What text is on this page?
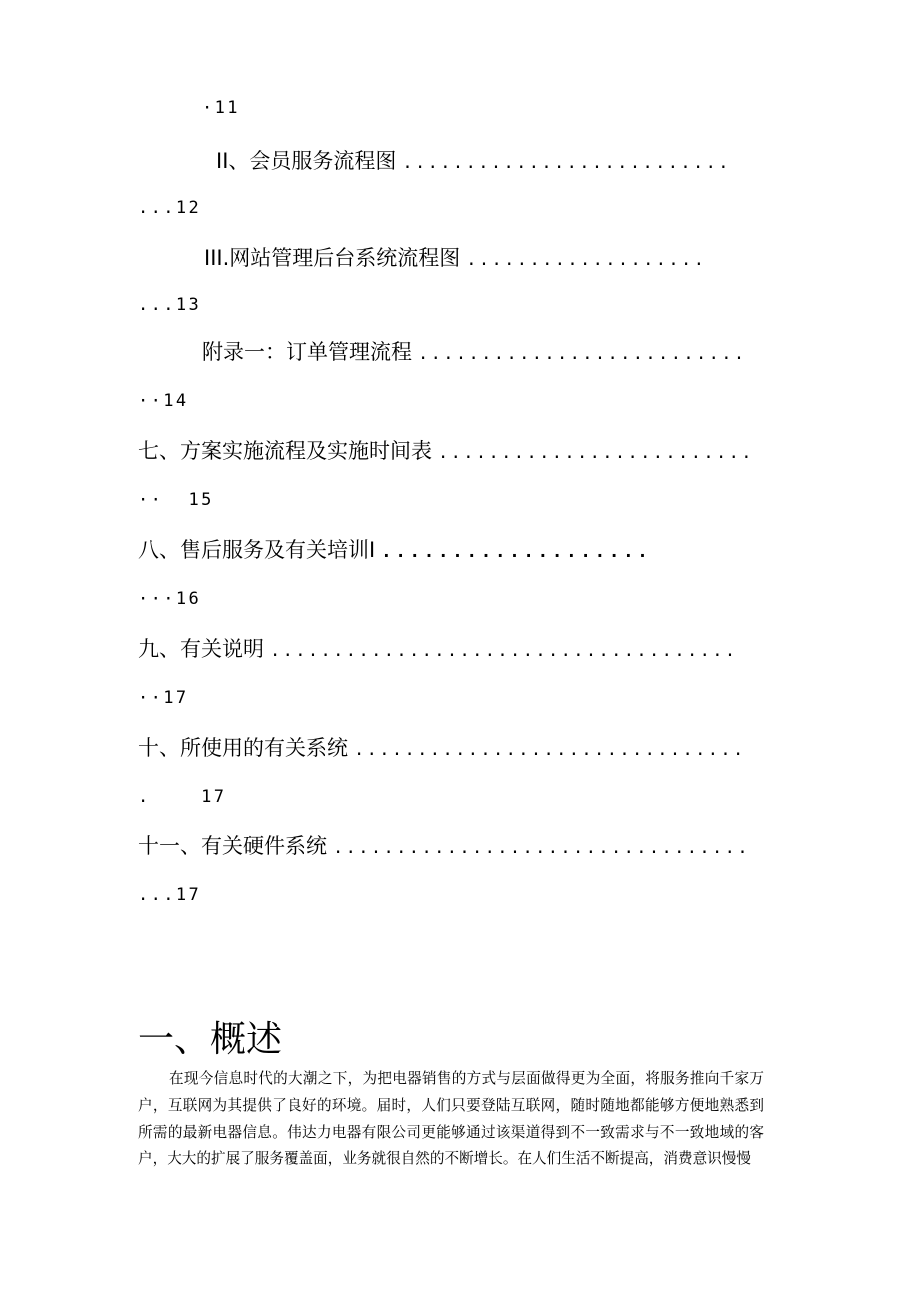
·11
II、会员服务流程图 ..........................
...12
III.网站管理后台系统流程图 ...................
...13
附录一：订单管理流程 ..........................
··14
七、方案实施流程及实施时间表 .........................
··  15
八、售后服务及有关培训I ...................
···16
九、有关说明 .....................................
··17
十、所使用的有关系统 ...............................
.    17
十一、有关硬件系统 .................................
...17
一、概述

在现今信息时代的大潮之下，为把电器销售的方式与层面做得更为全面，将服务推向千家万户，互联网为其提供了良好的环境。届时，人们只要登陆互联网，随时随地都能够方便地熟悉到所需的最新电器信息。伟达力电器有限公司更能够通过该渠道得到不一致需求与不一致地域的客户，大大的扩展了服务覆盖面，业务就很自然的不断增长。在人们生活不断提高，消费意识慢慢
